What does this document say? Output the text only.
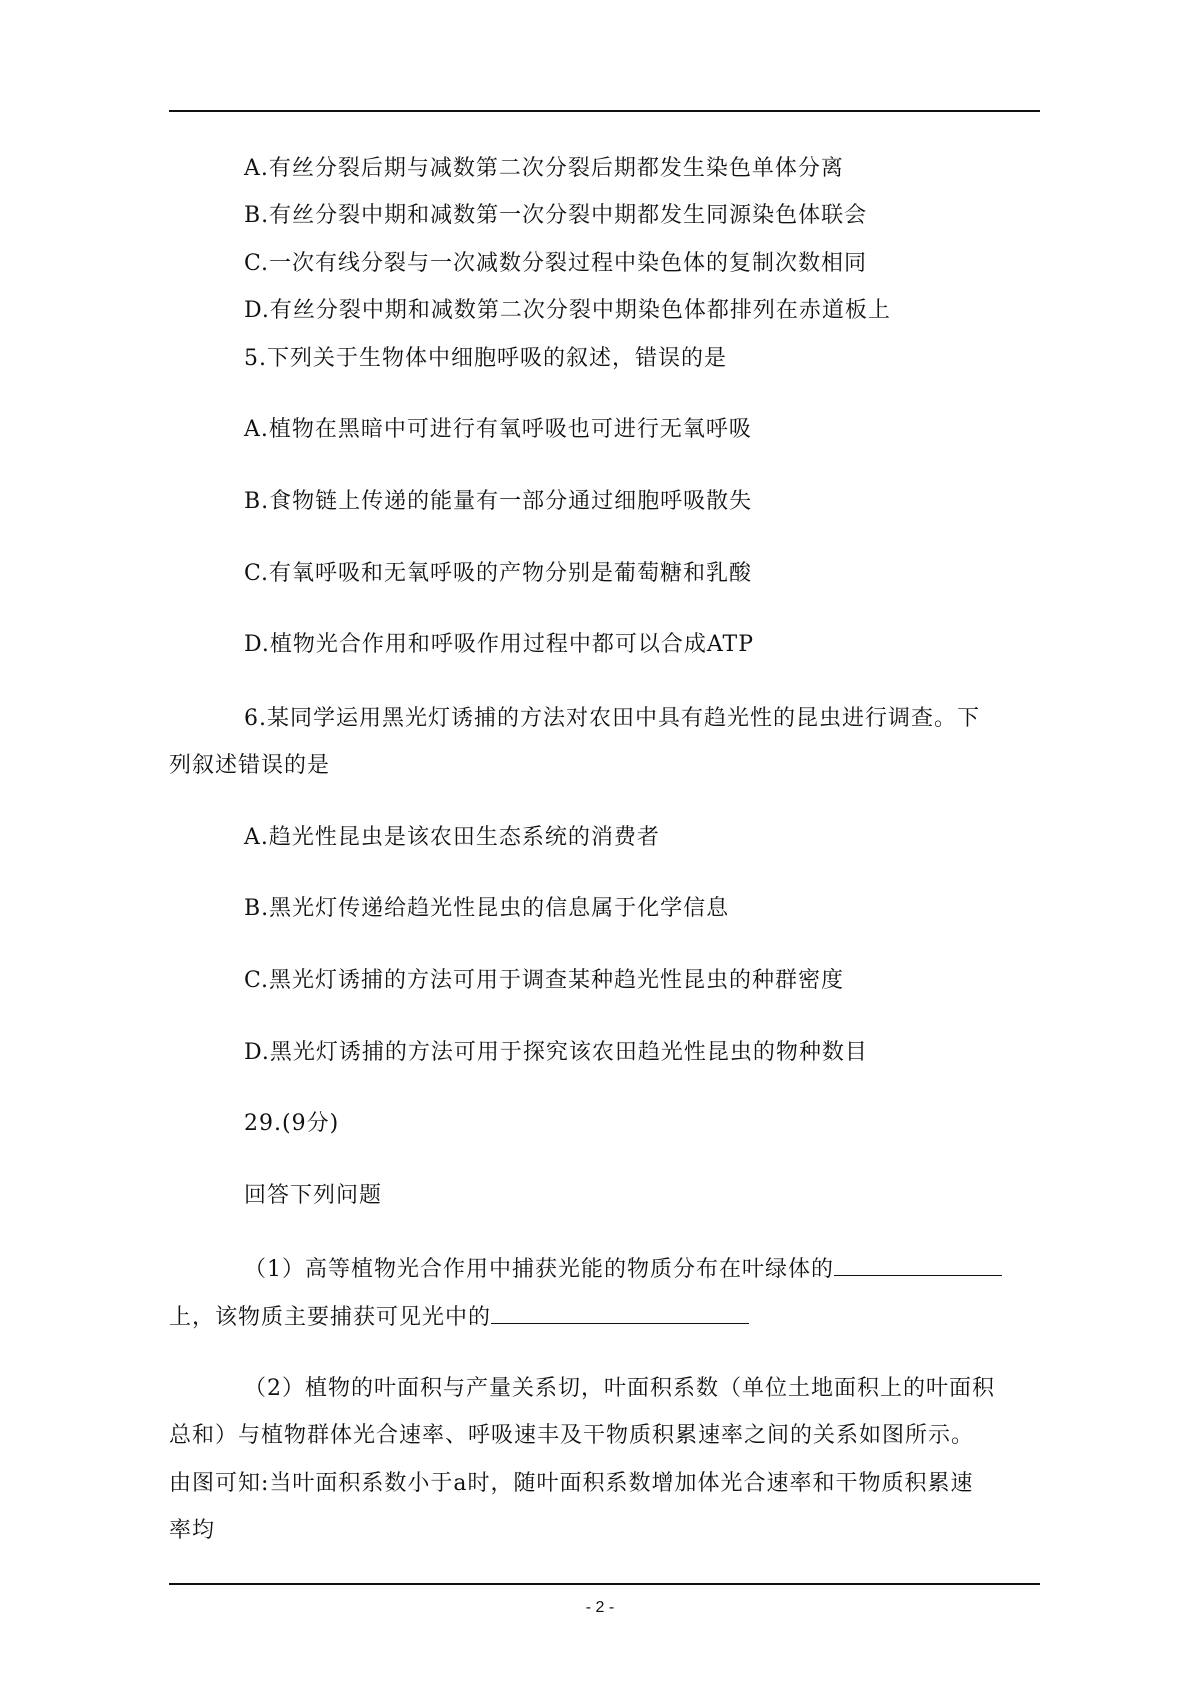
A.有丝分裂后期与减数第二次分裂后期都发生染色单体分离
B.有丝分裂中期和减数第一次分裂中期都发生同源染色体联会
C.一次有线分裂与一次减数分裂过程中染色体的复制次数相同
D.有丝分裂中期和减数第二次分裂中期染色体都排列在赤道板上
5.下列关于生物体中细胞呼吸的叙述，错误的是
A.植物在黑暗中可进行有氧呼吸也可进行无氧呼吸
B.食物链上传递的能量有一部分通过细胞呼吸散失
C.有氧呼吸和无氧呼吸的产物分别是葡萄糖和乳酸
D.植物光合作用和呼吸作用过程中都可以合成ATP
6.某同学运用黑光灯诱捕的方法对农田中具有趋光性的昆虫进行调查。下
列叙述错误的是
A.趋光性昆虫是该农田生态系统的消费者
B.黑光灯传递给趋光性昆虫的信息属于化学信息
C.黑光灯诱捕的方法可用于调查某种趋光性昆虫的种群密度
D.黑光灯诱捕的方法可用于探究该农田趋光性昆虫的物种数目
29.(9分)
回答下列问题
（1）高等植物光合作用中捕获光能的物质分布在叶绿体的
上，该物质主要捕获可见光中的
（2）植物的叶面积与产量关系切，叶面积系数（单位土地面积上的叶面积
总和）与植物群体光合速率、呼吸速丰及干物质积累速率之间的关系如图所示。
由图可知:当叶面积系数小于a时，随叶面积系数增加体光合速率和干物质积累速
率均
- 2 -
